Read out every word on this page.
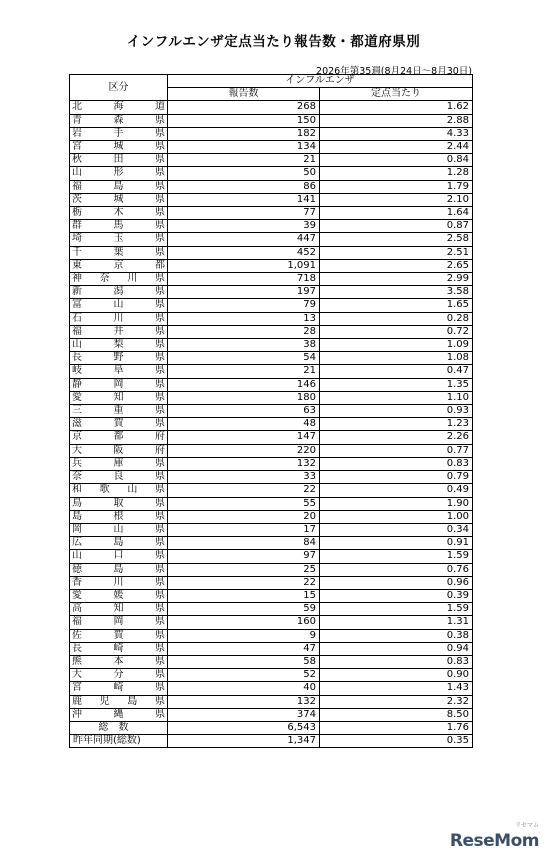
インフルエンザ定点当たり報告数・都道府県別
2026年第35週(8月24日～8月30日)
区分	インフルエンザ	
	報告数	定点当たり

北 海 道	268	1.62

青 森 県	150	2.88

岩 手 県	182	4.33

宮 城 県	134	2.44

秋 田 県	21	0.84

山 形 県	50	1.28

福 島 県	86	1.79

茨 城 県	141	2.10

栃 木 県	77	1.64

群 馬 県	39	0.87

埼 玉 県	447	2.58

千 葉 県	452	2.51

東 京 都	1,091	2.65

神 奈 川 県	718	2.99

新 潟 県	197	3.58

富 山 県	79	1.65

石 川 県	13	0.28

福 井 県	28	0.72

山 梨 県	38	1.09

長 野 県	54	1.08

岐 阜 県	21	0.47

静 岡 県	146	1.35

愛 知 県	180	1.10

三 重 県	63	0.93

滋 賀 県	48	1.23

京 都 府	147	2.26

大 阪 府	220	0.77

兵 庫 県	132	0.83

奈 良 県	33	0.79

和 歌 山 県	22	0.49

鳥 取 県	55	1.90

島 根 県	20	1.00

岡 山 県	17	0.34

広 島 県	84	0.91

山 口 県	97	1.59

徳 島 県	25	0.76

香 川 県	22	0.96

愛 媛 県	15	0.39

高 知 県	59	1.59

福 岡 県	160	1.31

佐 賀 県	9	0.38

長 崎 県	47	0.94

熊 本 県	58	0.83

大 分 県	52	0.90

宮 崎 県	40	1.43

鹿 児 島 県	132	2.32

沖 縄 県	374	8.50
総数	6,543	1.76
昨年同期(総数)	1,347	0.35
リセマム
ReseMom
